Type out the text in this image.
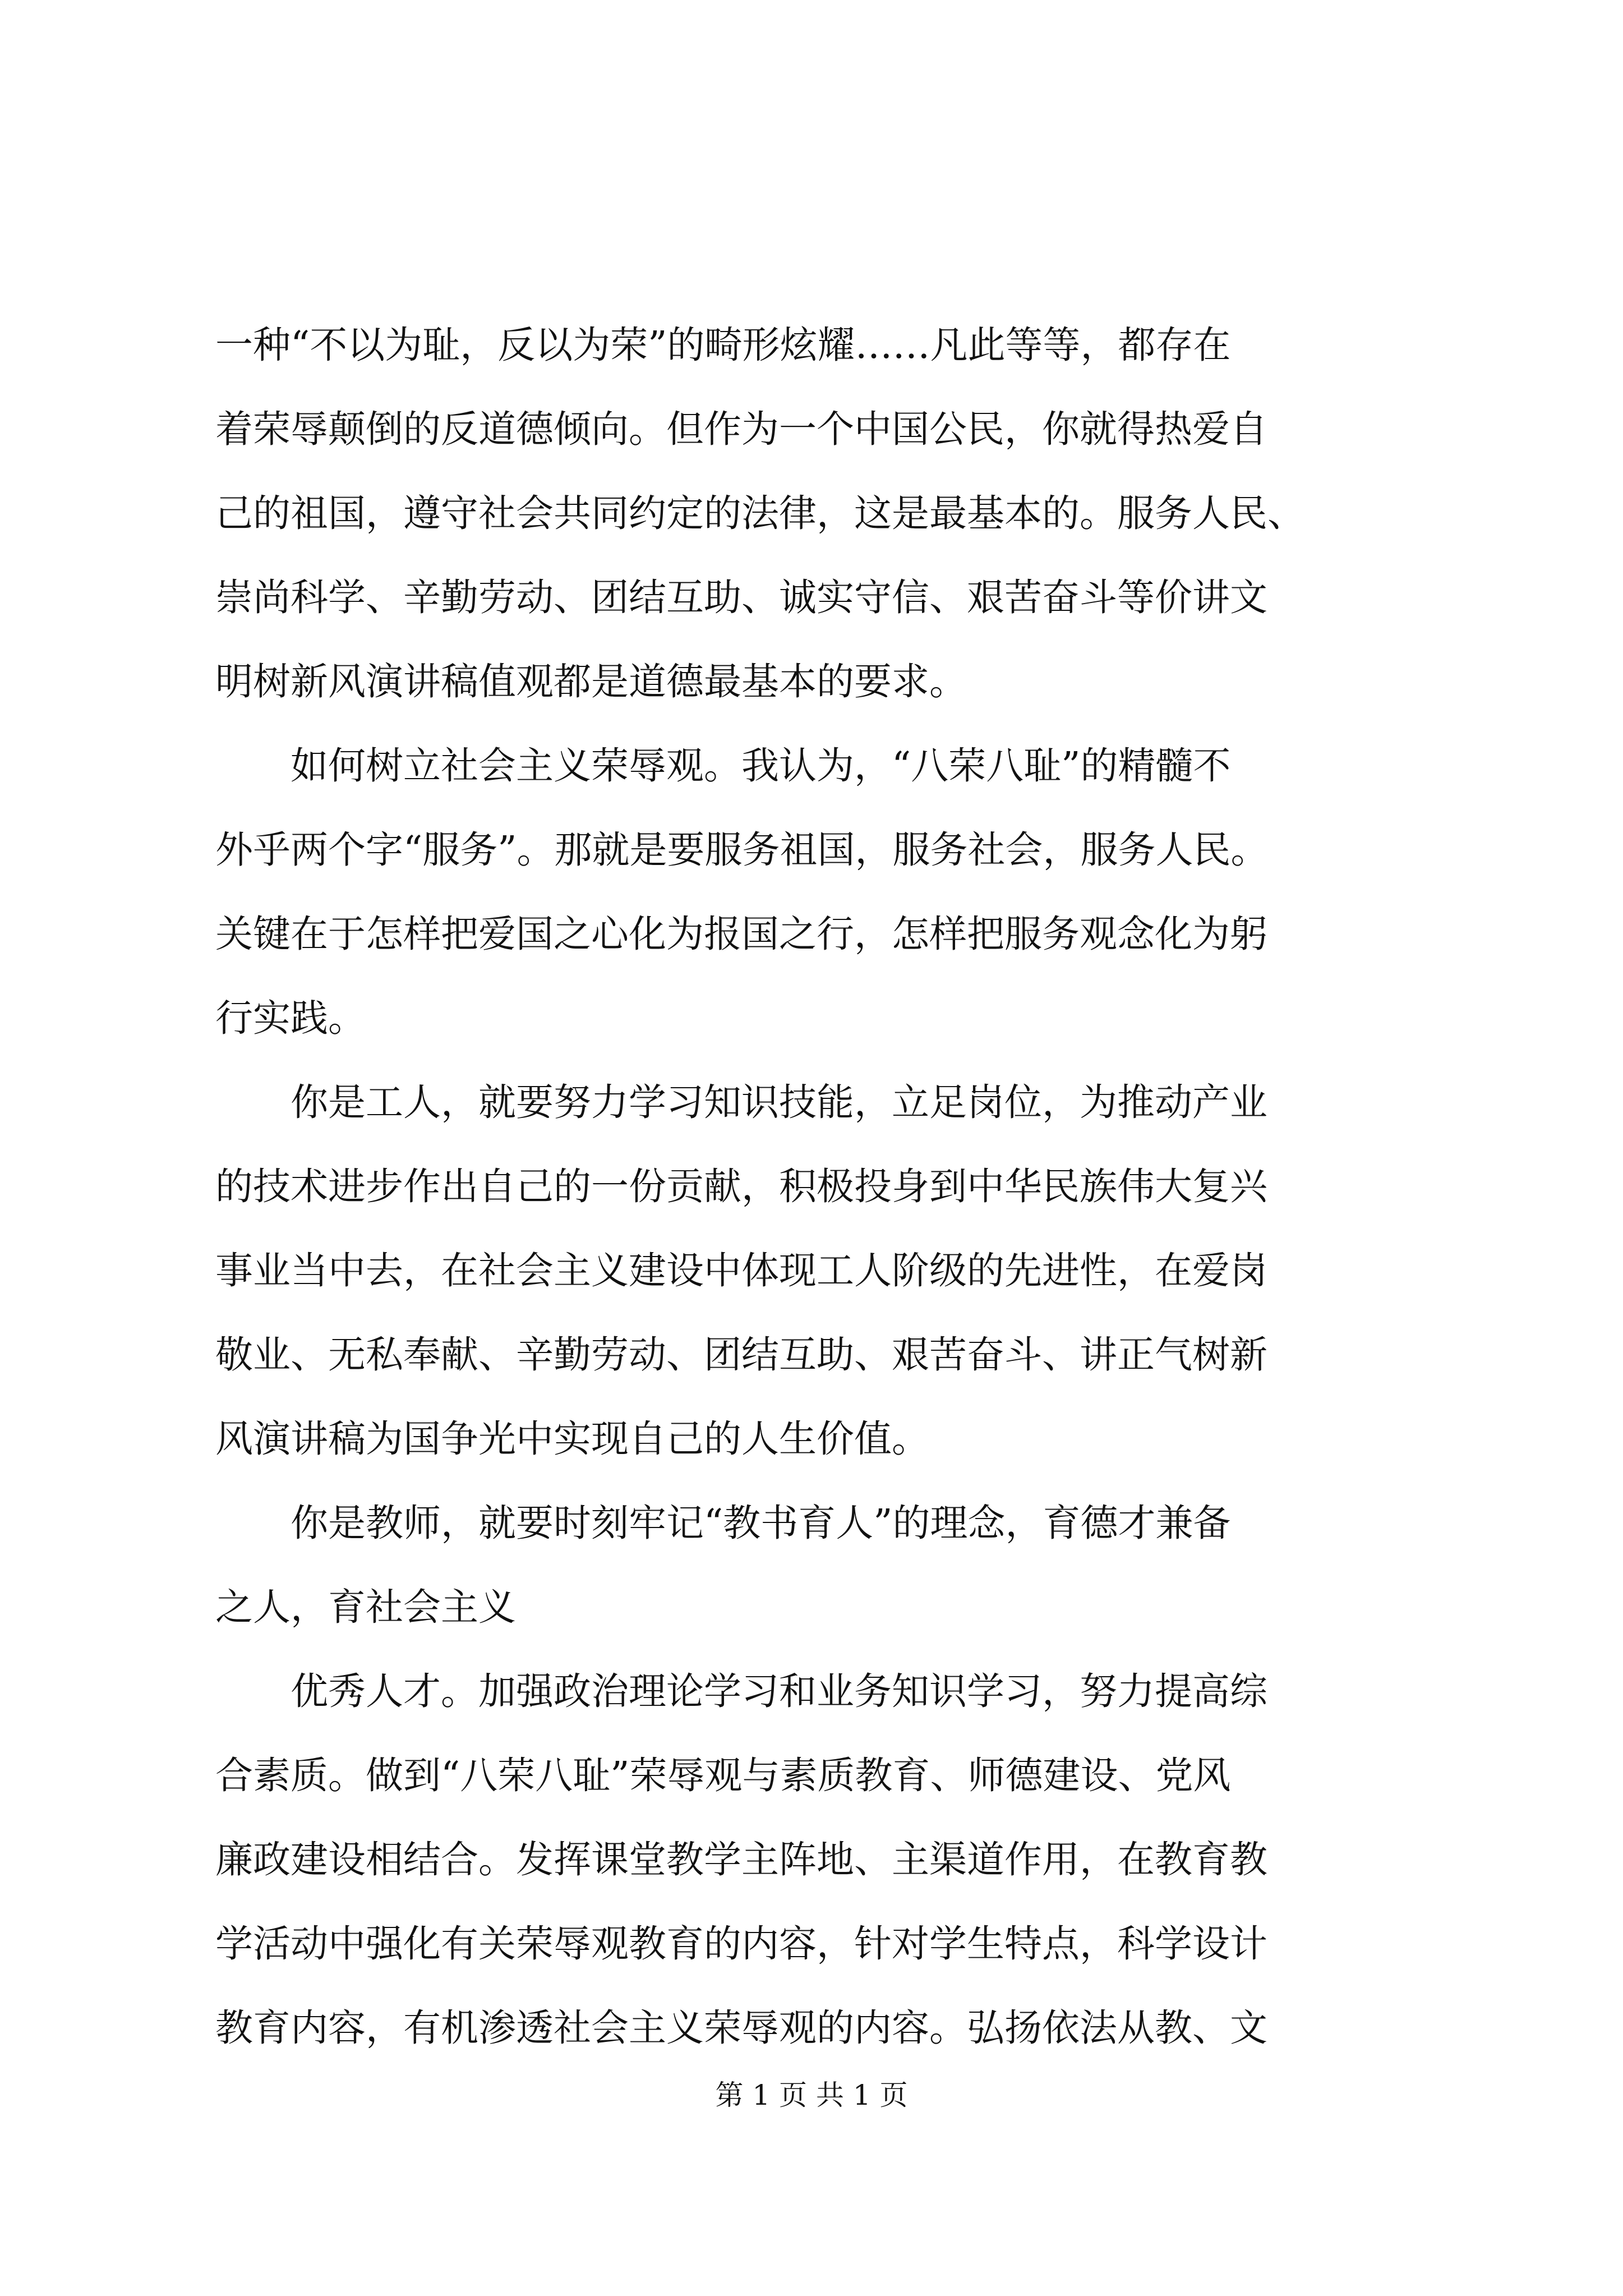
一种“不以为耻，反以为荣”的畸形炫耀……凡此等等，都存在
着荣辱颠倒的反道德倾向。但作为一个中国公民，你就得热爱自
己的祖国，遵守社会共同约定的法律，这是最基本的。服务人民、
崇尚科学、辛勤劳动、团结互助、诚实守信、艰苦奋斗等价讲文
明树新风演讲稿值观都是道德最基本的要求。
如何树立社会主义荣辱观。我认为，“八荣八耻”的精髓不
外乎两个字“服务”。那就是要服务祖国，服务社会，服务人民。
关键在于怎样把爱国之心化为报国之行，怎样把服务观念化为躬
行实践。
你是工人，就要努力学习知识技能，立足岗位，为推动产业
的技术进步作出自己的一份贡献，积极投身到中华民族伟大复兴
事业当中去，在社会主义建设中体现工人阶级的先进性，在爱岗
敬业、无私奉献、辛勤劳动、团结互助、艰苦奋斗、讲正气树新
风演讲稿为国争光中实现自己的人生价值。
你是教师，就要时刻牢记“教书育人”的理念，育德才兼备
之人，育社会主义
优秀人才。加强政治理论学习和业务知识学习，努力提高综
合素质。做到“八荣八耻”荣辱观与素质教育、师德建设、党风
廉政建设相结合。发挥课堂教学主阵地、主渠道作用，在教育教
学活动中强化有关荣辱观教育的内容，针对学生特点，科学设计
教育内容，有机渗透社会主义荣辱观的内容。弘扬依法从教、文
第 1 页 共 1 页
